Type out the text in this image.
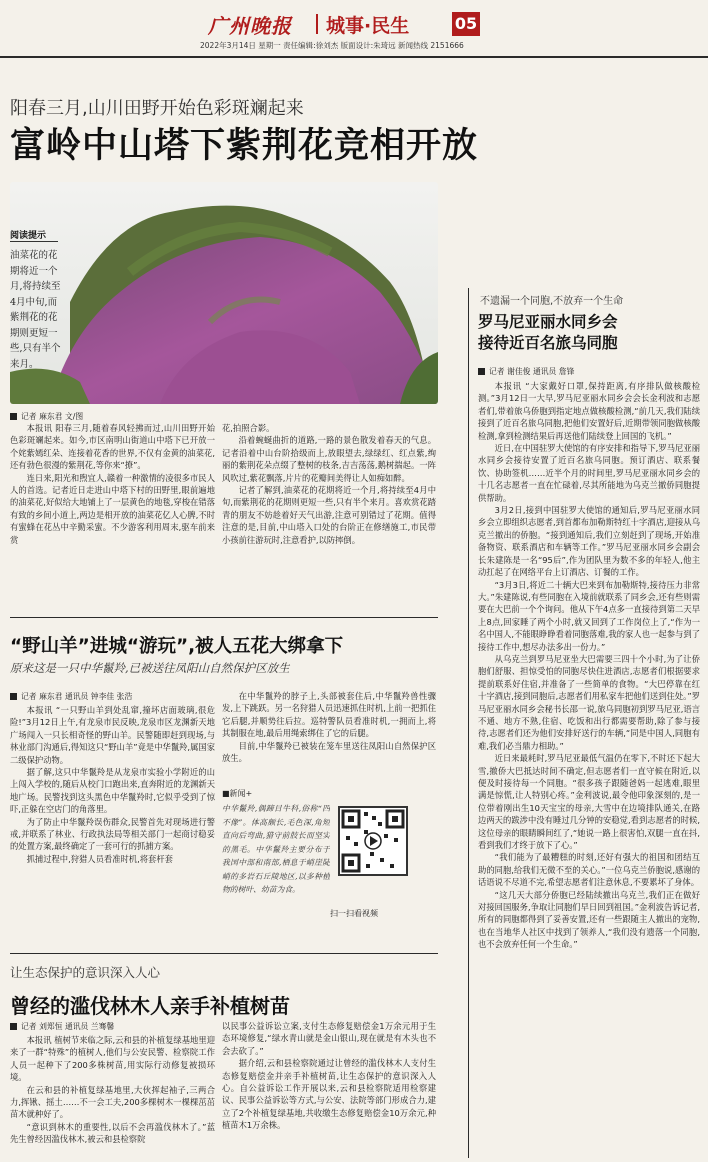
广州晚报 城事·民生	05
2022年3月14日 星期一 责任编辑:徐刘杰 版面设计:朱琦远 新闻热线 2151666
阳春三月,山川田野开始色彩斑斓起来
富岭中山塔下紫荆花竞相开放
阅读提示
油菜花的花期将近一个月,将持续至4月中旬,而紫荆花的花期则更短一些,只有半个来月。
记者 麻东君 文/图

本报讯 阳春三月,随着春风轻拂而过,山川田野开始色彩斑斓起来。如今,市区南明山街道山中塔下已开放一个姹紫嫣红朵、连接着花香的世界,不仅有金黄的油菜花,还有勃色很漫的紫荆花,等你来“撩”。

连日来,阳光和煦宜人,赣着一种激情的凌很多市民人人的首选。记者近日走进山中塔下村的田野里,眼前遍地的油菜花,好似给大地铺上了一层黄色的地毯,穿梭在错落有致的乡间小道上,两边是相开放的油菜花亿人心脾,不时有蜜蜂在花丛中辛勤采蜜。不少游客利用周末,驱车前来赏

花,拍照合影。

沿着蜿蜒曲折的道路,一路的景色散发着春天的气息。记者沿着中山台阶拾级而上,放眼望去,绿绿红、红点紫,绚丽的紫荆花朵点缀了整树的枝条,吉吉荡荡,鹅树揣起。一阵风吹过,紫花飘落,片片的花瓣间美得让人如痴如醉。

记者了解到,油菜花的花期将近一个月,将持续至4月中旬,而紫荆花的花期则更短一些,只有半个来月。喜欢赏花踏青的朋友不妨趁着好天气出游,注意可别错过了花期。值得注意的是,目前,中山塔入口处的台阶正在修缮施工,市民带小孩前往游玩时,注意看护,以防摔倒。

“野山羊”进城“游玩”,被人五花大绑拿下
原来这是一只中华鬣羚,已被送往凤阳山自然保护区放生
记者 麻东君 通讯员 钟李佳 张浩

本报讯 “一只野山羊到处乱窜,撞坏店面玻璃,很危险!”3月12日上午,有龙泉市民反映,龙泉市区龙渊新天地广场闯入一只长相奇怪的野山羊。民警随即赶到现场,与林业部门沟通后,得知这只“野山羊”竟是中华鬣羚,属国家二级保护动物。

据了解,这只中华鬣羚是从龙泉市实验小学附近的山上闯入学校的,随后从校门口跑出来,直奔附近的龙渊新天地广场。民警找到这头黑色中华鬣羚时,它似乎受到了惊吓,正躲在空店门的角落里。

为了防止中华鬣羚误伤群众,民警首先对现场进行警戒,并联系了林业、行政执法局等相关部门一起商讨稳妥的处置方案,最终确定了一套可行的抓捕方案。

抓捕过程中,狩猎人员看准时机,将套杆套

在中华鬣羚的脖子上,头部被套住后,中华鬣羚兽性骤发,上下跳跃。另一名狩猎人员迅速抓住时机,上前一把抓住它后腿,并顺势往后拉。巡特警队员看准时机,一拥而上,将其制服在地,最后用绳索绑住了它的后腿。

目前,中华鬣羚已被装在笼车里送往凤阳山自然保护区放生。

■新闻+
中华鬣羚,偶蹄目牛科,俗称“四不像”。体高颇长,毛色深,角短直向后弯曲,猎守前肢长而坚实的黑毛。中华鬣羚主要分布于我国中部和南部,栖息于峭崖陡峭的多岩石丘陵地区,以多种植物的树叶、幼苗为食。
扫一扫看视频
让生态保护的意识深入人心
曾经的滥伐林木人亲手补植树苗
记者 刘郑恒 通讯员 兰骞馨

本报讯 植树节来临之际,云和县的补植复绿基地里迎来了一群“特殊”的植树人,他们与公安民警、检察院工作人员一起种下了200多株树苗,用实际行动修复被损环境。

在云和县的补植复绿基地里,大伙挥起袖子,三两合力,挥锹、摇土……不一会工夫,200多棵树木一棵棵茁茁苗木就种好了。

“意识到林木的重要性,以后不会再滥伐林木了。”蓝先生曾经因滥伐林木,被云和县检察院

以民事公益诉讼立案,支付生态修复赔偿金1万余元用于生态环境修复,“绿水青山就是金山银山,现在就是有木头也不会去砍了。”

据介绍,云和县检察院通过让曾经的滥伐林木人支付生态修复赔偿金并亲手补植树苗,让生态保护的意识深入人心。自公益诉讼工作开展以来,云和县检察院适用检察建议、民事公益诉讼等方式,与公安、法院等部门形成合力,建立了2个补植复绿基地,共收缴生态修复赔偿金10万余元,种植苗木1万余株。

不遗漏一个同胞,不放弃一个生命
罗马尼亚丽水同乡会
接待近百名旅乌同胞
记者 谢佳俊 通讯员 詹锋

本报讯 “大家戴好口罩,保持距离,有序排队做核酸检测。”3月12日一大早,罗马尼亚丽水同乡会会长金利波和志愿者们,带着旅乌侨胞到指定地点做核酸检测,“前几天,我们陆续接到了近百名旅乌同胞,把他们安置好后,近期带领同胞做核酸检测,拿到检测结果后再送他们陆续登上回国的飞机。”

近日,在中国驻罗大使馆的有序安排和指导下,罗马尼亚丽水同乡会接待安置了近百名旅乌同胞。预订酒店、联系餐饮、协助签机……近半个月的时间里,罗马尼亚丽水同乡会的十几名志愿者一直在忙碌着,尽其所能地为乌克兰撤侨同胞提供帮助。

3月2日,接到中国驻罗大使馆的通知后,罗马尼亚丽水同乡会立即组织志愿者,到首都布加勒斯特红十字酒店,迎接从乌克兰撤出的侨胞。“接到通知后,我们立刻赶到了现场,开始准备物资、联系酒店和车辆等工作。”罗马尼亚丽水同乡会副会长朱建陈是一名“95后”,作为团队里为数不多的年轻人,他主动扛起了在网络平台上订酒店、订餐的工作。

“3月3日,将近二十辆大巴来到布加勒斯特,接待压力非常大。”朱建陈说,有些同胞在入境前就联系了同乡会,还有些则需要在大巴前一个个询问。他从下午4点多一直接待到第二天早上8点,回家睡了两个小时,就又回到了工作岗位上了,“作为一名中国人,不能眼睁睁看着同胞落难,我的家人也一起参与到了接待工作中,想尽办法多出一份力。”

从乌克兰到罗马尼亚坐大巴需要三四十个小时,为了让侨胞们舒服、担惊受怕的同胞尽快住进酒店,志愿者们根据要求提前联系好住宿,并准备了一些简单的食物。“大巴停靠在红十字酒店,接到同胞后,志愿者们用私家车把他们送到住处。”罗马尼亚丽水同乡会秘书长邵一说,旅乌同胞初到罗马尼亚,语言不通、地方不熟,住宿、吃饭和出行都需要帮助,除了参与接待,志愿者们还为他们安排好送行的车辆,“同是中国人,同胞有难,我们必当鼎力相助。”

近日来最耗时,罗马尼亚最低气温仍在零下,不时还下起大雪,撤侨大巴抵达时间不确定,但志愿者们一直守候在附近,以便及时接待每一个同胞。“很多孩子跟随爸妈一起逃难,眼里满是惊慌,让人特别心疼。”金利波说,最令他印象深刻的,是一位带着刚出生10天宝宝的母亲,大雪中在边境排队通关,在路边两天的跋涉中没有睡过几分钟的安稳觉,看到志愿者的时候,这位母亲的眼睛瞬间红了,“她说一路上很害怕,双腿一直在抖,看到我们才终于放下了心。”

“我们能为了最糟糕的时刻,还好有强大的祖国和团结互助的同胞,给我们无微不至的关心。”一位乌克兰侨胞说,感谢的话语说不尽道不完,希望志愿者们注意休息,不要累坏了身体。

“这几天大部分侨胞已经陆续撤出乌克兰,我们正在做好对接回国服务,争取让同胞们早日回到祖国。”金利波告诉记者,所有的同胞都得到了妥善安置,还有一些跟随主人撤出的宠物,也在当地华人社区中找到了领养人,“我们没有遗落一个同胞,也不会放弃任何一个生命。”
